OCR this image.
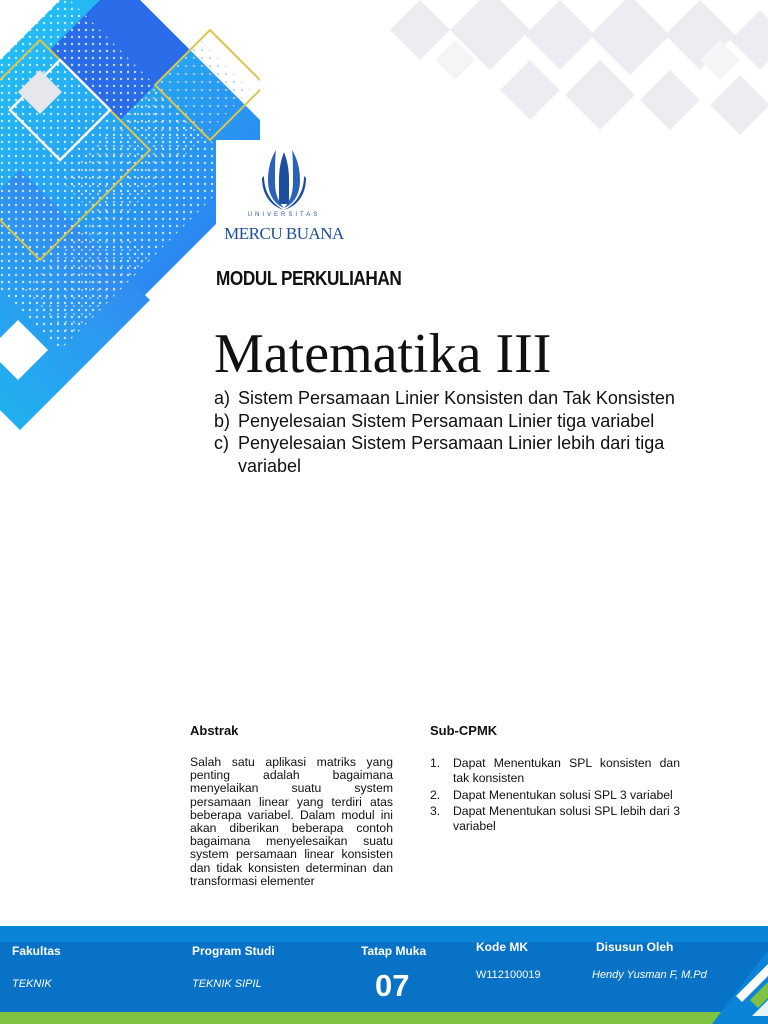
UNIVERSITAS
MERCU BUANA
MODUL PERKULIAHAN
Matematika III
a) Sistem Persamaan Linier Konsisten dan Tak Konsisten
b) Penyelesaian Sistem Persamaan Linier tiga variabel
c) Penyelesaian Sistem Persamaan Linier lebih dari tiga variabel
Abstrak
Salah satu aplikasi matriks yang penting adalah bagaimana menyelaikan suatu system persamaan linear yang terdiri atas beberapa variabel. Dalam modul ini akan diberikan beberapa contoh bagaimana menyelesaikan suatu system persamaan linear konsisten dan tidak konsisten determinan dan transformasi elementer
Sub-CPMK
1. Dapat Menentukan SPL konsisten dan tak konsisten
2. Dapat Menentukan solusi SPL 3 variabel
3. Dapat Menentukan solusi SPL lebih dari 3 variabel
Fakultas
TEKNIK
Program Studi
TEKNIK SIPIL
Tatap Muka
07
Kode MK
W112100019
Disusun Oleh
Hendy Yusman F, M.Pd
